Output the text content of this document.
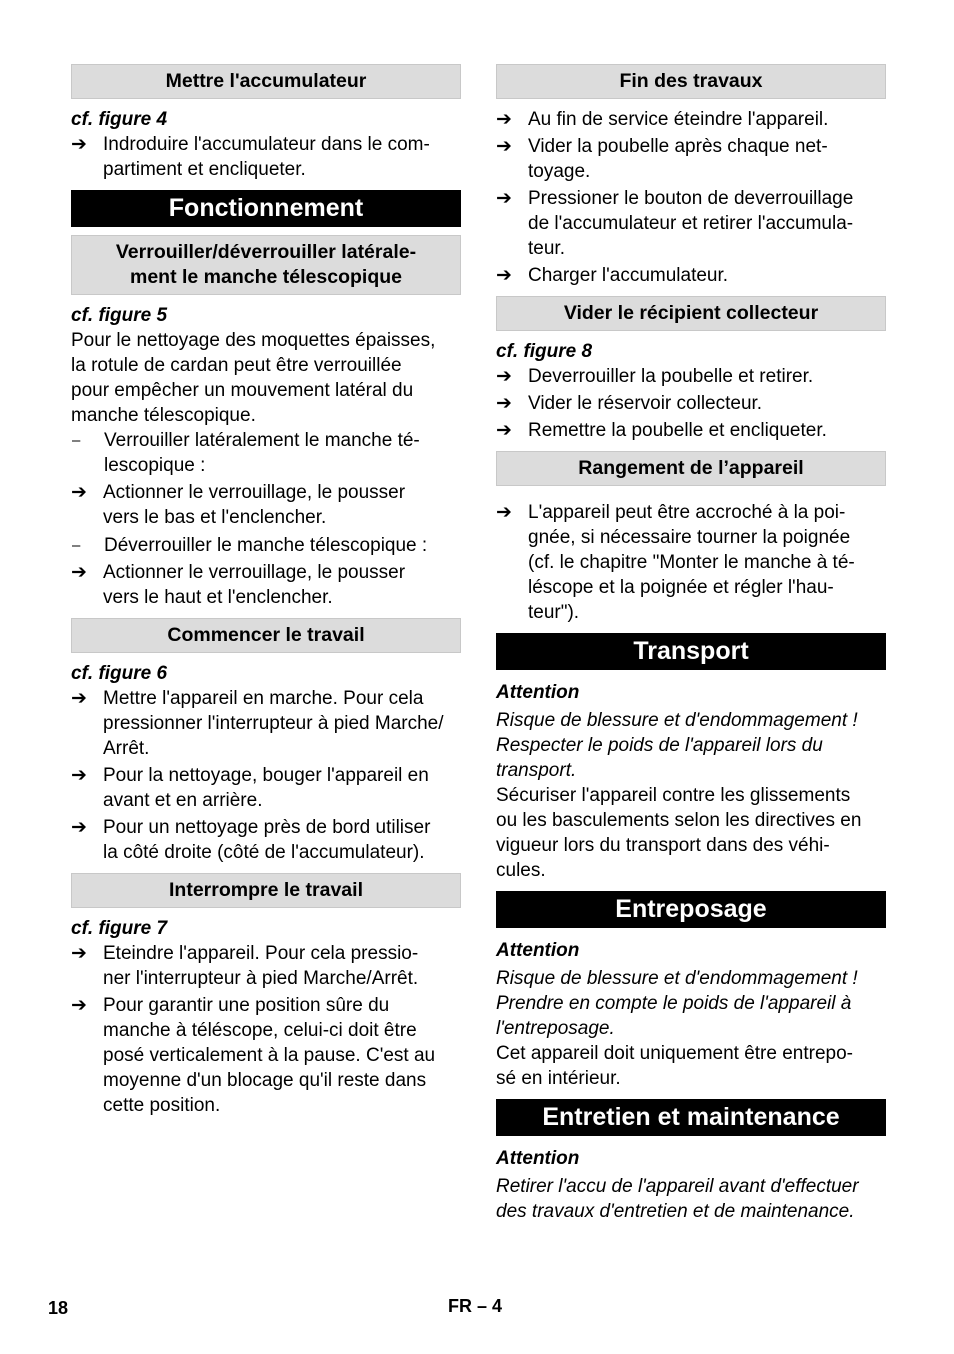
Mettre l'accumulateur
cf. figure 4
➔ Indroduire l'accumulateur dans le com-
partiment et encliqueter.
Fonctionnement
Verrouiller/déverrouiller latérale-
ment le manche télescopique
cf. figure 5
Pour le nettoyage des moquettes épaisses,
la rotule de cardan peut être verrouillée
pour empêcher un mouvement latéral du
manche télescopique.
–	Verrouiller latéralement le manche té-
lescopique :
➔ Actionner le verrouillage, le pousser
vers le bas et l'enclencher.
–	Déverrouiller le manche télescopique :
➔ Actionner le verrouillage, le pousser
vers le haut et l'enclencher.
Commencer le travail
cf. figure 6
➔ Mettre l'appareil en marche. Pour cela
pressionner l'interrupteur à pied Marche/
Arrêt.
➔ Pour la nettoyage, bouger l'appareil en
avant et en arrière.
➔ Pour un nettoyage près de bord utiliser
la côté droite (côté de l'accumulateur).
Interrompre le travail
cf. figure 7
➔ Eteindre l'appareil. Pour cela pressio-
ner l'interrupteur à pied Marche/Arrêt.
➔ Pour garantir une position sûre du
manche à téléscope, celui-ci doit être
posé verticalement à la pause. C'est au
moyenne d'un blocage qu'il reste dans
cette position.
Fin des travaux
➔ Au fin de service éteindre l'appareil.
➔ Vider la poubelle après chaque net-
toyage.
➔ Pressioner le bouton de deverrouillage
de l'accumulateur et retirer l'accumula-
teur.
➔ Charger l'accumulateur.
Vider le récipient collecteur
cf. figure 8
➔ Deverrouiller la poubelle et retirer.
➔ Vider le réservoir collecteur.
➔ Remettre la poubelle et encliqueter.
Rangement de l’appareil
➔ L'appareil peut être accroché à la poi-
gnée, si nécessaire tourner la poignée
(cf. le chapitre "Monter le manche à té-
léscope et la poignée et régler l'hau-
teur").
Transport
Attention
Risque de blessure et d'endommagement !
Respecter le poids de l'appareil lors du
transport.
Sécuriser l'appareil contre les glissements
ou les basculements selon les directives en
vigueur lors du transport dans des véhi-
cules.
Entreposage
Attention
Risque de blessure et d'endommagement !
Prendre en compte le poids de l'appareil à
l'entreposage.
Cet appareil doit uniquement être entrepo-
sé en intérieur.
Entretien et maintenance
Attention
Retirer l'accu de l'appareil avant d'effectuer
des travaux d'entretien et de maintenance.
18	FR – 4
